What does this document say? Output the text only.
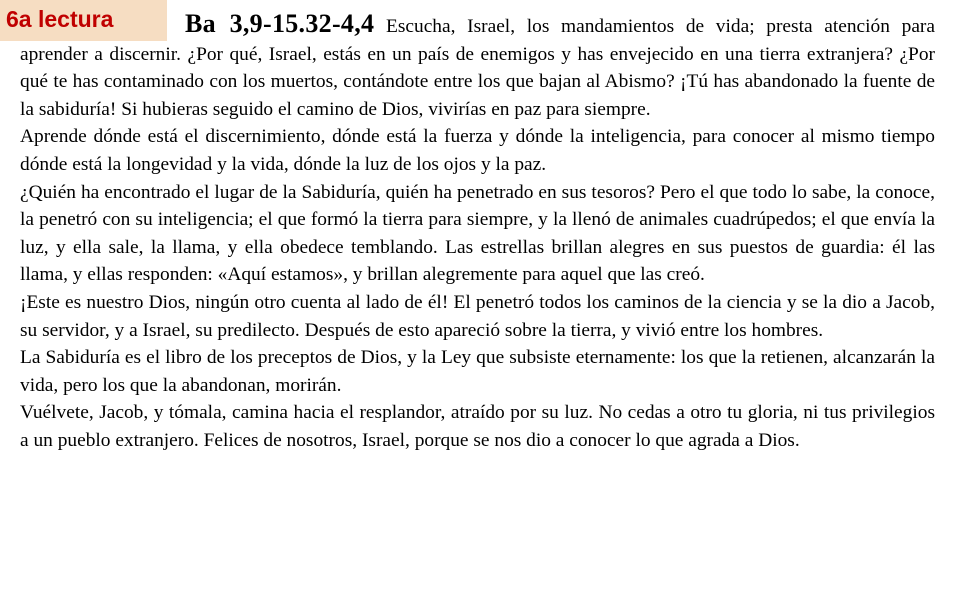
6a lectura	Ba 3,9-15.32-4,4 Escucha, Israel, los mandamientos de vida; presta atención para aprender a discernir. ¿Por qué, Israel, estás en un país de enemigos y has envejecido en una tierra extranjera? ¿Por qué te has contaminado con los muertos, contándote entre los que bajan al Abismo? ¡Tú has abandonado la fuente de la sabiduría! Si hubieras seguido el camino de Dios, vivirías en paz para siempre.

Aprende dónde está el discernimiento, dónde está la fuerza y dónde la inteligencia, para conocer al mismo tiempo dónde está la longevidad y la vida, dónde la luz de los ojos y la paz.

¿Quién ha encontrado el lugar de la Sabiduría, quién ha penetrado en sus tesoros? Pero el que todo lo sabe, la conoce, la penetró con su inteligencia; el que formó la tierra para siempre, y la llenó de animales cuadrúpedos; el que envía la luz, y ella sale, la llama, y ella obedece temblando. Las estrellas brillan alegres en sus puestos de guardia: él las llama, y ellas responden: «Aquí estamos», y brillan alegremente para aquel que las creó.

¡Este es nuestro Dios, ningún otro cuenta al lado de él! El penetró todos los caminos de la ciencia y se la dio a Jacob, su servidor, y a Israel, su predilecto. Después de esto apareció sobre la tierra, y vivió entre los hombres.

La Sabiduría es el libro de los preceptos de Dios, y la Ley que subsiste eternamente: los que la retienen, alcanzarán la vida, pero los que la abandonan, morirán.

Vuélvete, Jacob, y tómala, camina hacia el resplandor, atraído por su luz. No cedas a otro tu gloria, ni tus privilegios a un pueblo extranjero. Felices de nosotros, Israel, porque se nos dio a conocer lo que agrada a Dios.
